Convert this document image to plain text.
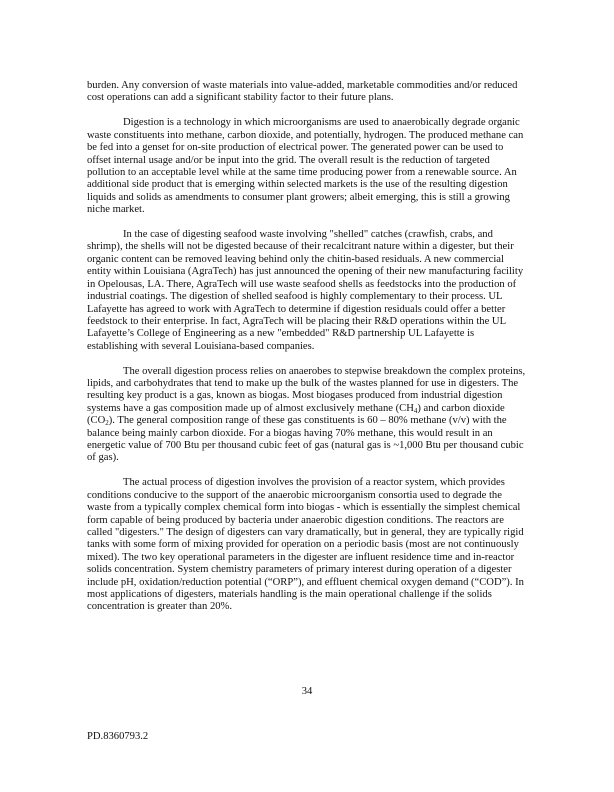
burden. Any conversion of waste materials into value-added, marketable commodities and/or reduced cost operations can add a significant stability factor to their future plans.

Digestion is a technology in which microorganisms are used to anaerobically degrade organic waste constituents into methane, carbon dioxide, and potentially, hydrogen. The produced methane can be fed into a genset for on-site production of electrical power. The generated power can be used to offset internal usage and/or be input into the grid. The overall result is the reduction of targeted pollution to an acceptable level while at the same time producing power from a renewable source. An additional side product that is emerging within selected markets is the use of the resulting digestion liquids and solids as amendments to consumer plant growers; albeit emerging, this is still a growing niche market.

In the case of digesting seafood waste involving "shelled" catches (crawfish, crabs, and shrimp), the shells will not be digested because of their recalcitrant nature within a digester, but their organic content can be removed leaving behind only the chitin-based residuals. A new commercial entity within Louisiana (AgraTech) has just announced the opening of their new manufacturing facility in Opelousas, LA. There, AgraTech will use waste seafood shells as feedstocks into the production of industrial coatings. The digestion of shelled seafood is highly complementary to their process. UL Lafayette has agreed to work with AgraTech to determine if digestion residuals could offer a better feedstock to their enterprise. In fact, AgraTech will be placing their R&D operations within the UL Lafayette’s College of Engineering as a new "embedded" R&D partnership UL Lafayette is establishing with several Louisiana-based companies.

The overall digestion process relies on anaerobes to stepwise breakdown the complex proteins, lipids, and carbohydrates that tend to make up the bulk of the wastes planned for use in digesters. The resulting key product is a gas, known as biogas. Most biogases produced from industrial digestion systems have a gas composition made up of almost exclusively methane $(CH_4)$ and carbon dioxide $(CO_2)$. The general composition range of these gas constituents is 60 – 80% methane (v/v) with the balance being mainly carbon dioxide. For a biogas having 70% methane, this would result in an energetic value of 700 Btu per thousand cubic feet of gas (natural gas is ~1,000 Btu per thousand cubic of gas).

The actual process of digestion involves the provision of a reactor system, which provides conditions conducive to the support of the anaerobic microorganism consortia used to degrade the waste from a typically complex chemical form into biogas - which is essentially the simplest chemical form capable of being produced by bacteria under anaerobic digestion conditions. The reactors are called "digesters." The design of digesters can vary dramatically, but in general, they are typically rigid tanks with some form of mixing provided for operation on a periodic basis (most are not continuously mixed). The two key operational parameters in the digester are influent residence time and in-reactor solids concentration. System chemistry parameters of primary interest during operation of a digester include pH, oxidation/reduction potential (“ORP”), and effluent chemical oxygen demand (“COD”). In most applications of digesters, materials handling is the main operational challenge if the solids concentration is greater than 20%.

34
PD.8360793.2
